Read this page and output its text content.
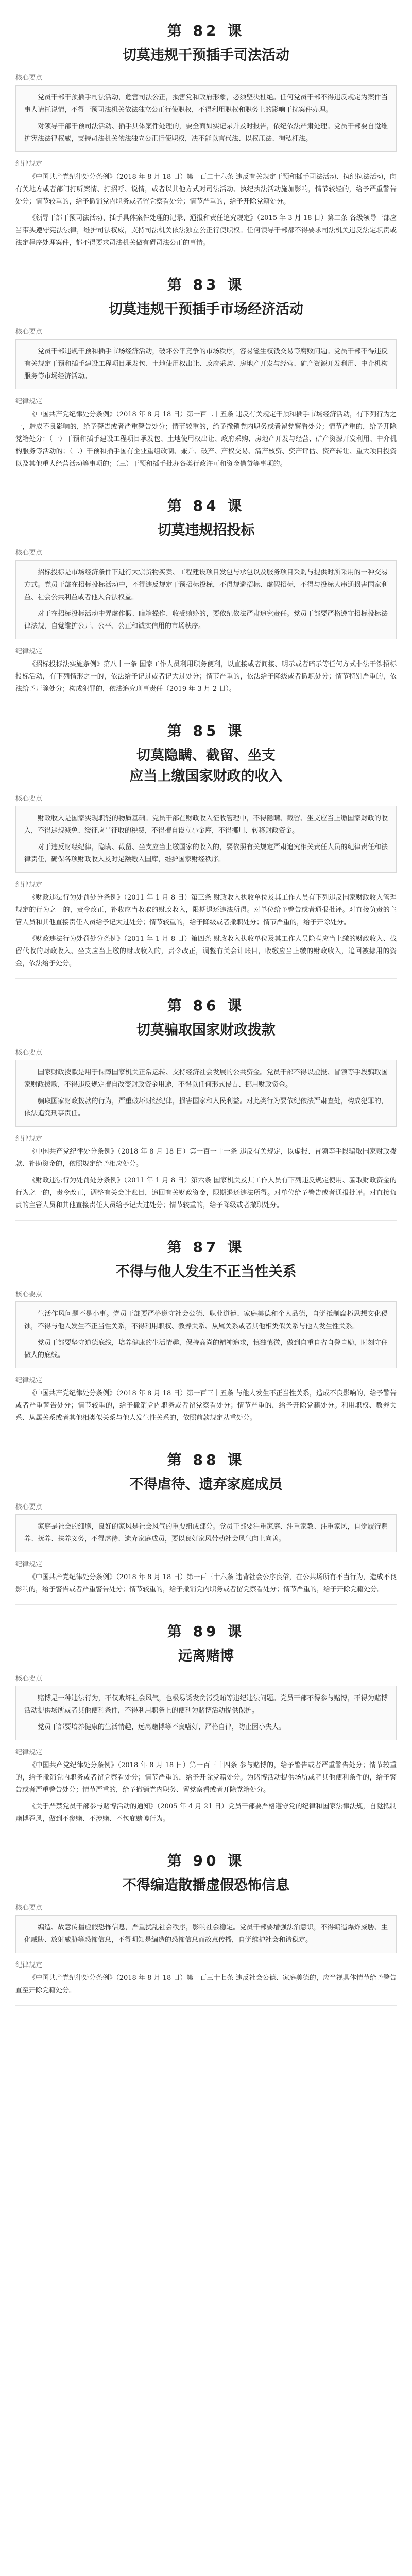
第 82 课
切莫违规干预插手司法活动
核心要点

党员干部干预插手司法活动，危害司法公正，损害党和政府形象，必须坚决杜绝。任何党员干部不得违反规定为案件当事人请托说情，不得干预司法机关依法独立公正行使职权，不得利用职权和职务上的影响干扰案件办理。

对领导干部干预司法活动、插手具体案件处理的，要全面如实记录并及时报告，依纪依法严肃处理。党员干部要自觉维护宪法法律权威，支持司法机关依法独立公正行使职权，决不能以言代法、以权压法、徇私枉法。

纪律规定

《中国共产党纪律处分条例》（2018 年 8 月 18 日）第一百二十六条 违反有关规定干预和插手司法活动、执纪执法活动，向有关地方或者部门打听案情、打招呼、说情，或者以其他方式对司法活动、执纪执法活动施加影响，情节较轻的，给予严重警告处分；情节较重的，给予撤销党内职务或者留党察看处分；情节严重的，给予开除党籍处分。

《领导干部干预司法活动、插手具体案件处理的记录、通报和责任追究规定》（2015 年 3 月 18 日）第二条 各级领导干部应当带头遵守宪法法律，维护司法权威，支持司法机关依法独立公正行使职权。任何领导干部都不得要求司法机关违反法定职责或法定程序处理案件，都不得要求司法机关做有碍司法公正的事情。

第 83 课
切莫违规干预插手市场经济活动
核心要点

党员干部违规干预和插手市场经济活动，破坏公平竞争的市场秩序，容易滋生权钱交易等腐败问题。党员干部不得违反有关规定干预和插手建设工程项目承发包、土地使用权出让、政府采购、房地产开发与经营、矿产资源开发利用、中介机构服务等市场经济活动。

纪律规定

《中国共产党纪律处分条例》（2018 年 8 月 18 日）第一百二十五条 违反有关规定干预和插手市场经济活动，有下列行为之一，造成不良影响的，给予警告或者严重警告处分；情节较重的，给予撤销党内职务或者留党察看处分；情节严重的，给予开除党籍处分：（一）干预和插手建设工程项目承发包、土地使用权出让、政府采购、房地产开发与经营、矿产资源开发利用、中介机构服务等活动的；（二）干预和插手国有企业重组改制、兼并、破产、产权交易、清产核资、资产评估、资产转让、重大项目投资以及其他重大经营活动等事项的；（三）干预和插手批办各类行政许可和资金借贷等事项的。

第 84 课
切莫违规招投标
核心要点

招标投标是市场经济条件下进行大宗货物买卖、工程建设项目发包与承包以及服务项目采购与提供时所采用的一种交易方式。党员干部在招标投标活动中，不得违反规定干预招标投标，不得规避招标、虚假招标，不得与投标人串通损害国家利益、社会公共利益或者他人合法权益。

对于在招标投标活动中弄虚作假、暗箱操作、收受贿赂的，要依纪依法严肃追究责任。党员干部要严格遵守招标投标法律法规，自觉维护公开、公平、公正和诚实信用的市场秩序。

纪律规定

《招标投标法实施条例》第八十一条 国家工作人员利用职务便利，以直接或者间接、明示或者暗示等任何方式非法干涉招标投标活动，有下列情形之一的，依法给予记过或者记大过处分；情节严重的，依法给予降级或者撤职处分；情节特别严重的，依法给予开除处分；构成犯罪的，依法追究刑事责任（2019 年 3 月 2 日）。

第 85 课
切莫隐瞒、截留、坐支
应当上缴国家财政的收入
核心要点

财政收入是国家实现职能的物质基础。党员干部在财政收入征收管理中，不得隐瞒、截留、坐支应当上缴国家财政的收入，不得违规减免、缓征应当征收的税费，不得擅自设立小金库，不得挪用、转移财政资金。

对于违反财经纪律，隐瞒、截留、坐支应当上缴国家的收入的，要依照有关规定严肃追究相关责任人员的纪律责任和法律责任，确保各项财政收入及时足额缴入国库，维护国家财经秩序。

纪律规定

《财政违法行为处罚处分条例》（2011 年 1 月 8 日）第三条 财政收入执收单位及其工作人员有下列违反国家财政收入管理规定的行为之一的，责令改正，补收应当收取的财政收入，限期退还违法所得。对单位给予警告或者通报批评。对直接负责的主管人员和其他直接责任人员给予记大过处分；情节较重的，给予降级或者撤职处分；情节严重的，给予开除处分。

《财政违法行为处罚处分条例》（2011 年 1 月 8 日）第四条 财政收入执收单位及其工作人员隐瞒应当上缴的财政收入、截留代收的财政收入、坐支应当上缴的财政收入的，责令改正，调整有关会计账目，收缴应当上缴的财政收入，追回被挪用的资金，依法给予处分。

第 86 课
切莫骗取国家财政拨款
核心要点

国家财政拨款是用于保障国家机关正常运转、支持经济社会发展的公共资金。党员干部不得以虚报、冒领等手段骗取国家财政拨款，不得违反规定擅自改变财政资金用途，不得以任何形式侵占、挪用财政资金。

骗取国家财政拨款的行为，严重破坏财经纪律，损害国家和人民利益。对此类行为要依纪依法严肃查处，构成犯罪的，依法追究刑事责任。

纪律规定

《中国共产党纪律处分条例》（2018 年 8 月 18 日）第一百一十一条 违反有关规定，以虚报、冒领等手段骗取国家财政拨款、补助资金的，依照规定给予相应处分。

《财政违法行为处罚处分条例》（2011 年 1 月 8 日）第六条 国家机关及其工作人员有下列违反规定使用、骗取财政资金的行为之一的，责令改正，调整有关会计账目，追回有关财政资金，限期退还违法所得。对单位给予警告或者通报批评。对直接负责的主管人员和其他直接责任人员给予记大过处分；情节较重的，给予降级或者撤职处分。

第 87 课
不得与他人发生不正当性关系
核心要点

生活作风问题不是小事。党员干部要严格遵守社会公德、职业道德、家庭美德和个人品德，自觉抵制腐朽思想文化侵蚀，不得与他人发生不正当性关系，不得利用职权、教养关系、从属关系或者其他相类似关系与他人发生性关系。

党员干部要坚守道德底线，培养健康的生活情趣，保持高尚的精神追求，慎独慎微，做到自重自省自警自励，时刻守住做人的底线。

纪律规定

《中国共产党纪律处分条例》（2018 年 8 月 18 日）第一百三十五条 与他人发生不正当性关系，造成不良影响的，给予警告或者严重警告处分；情节较重的，给予撤销党内职务或者留党察看处分；情节严重的，给予开除党籍处分。利用职权、教养关系、从属关系或者其他相类似关系与他人发生性关系的，依照前款规定从重处分。

第 88 课
不得虐待、遗弃家庭成员
核心要点

家庭是社会的细胞，良好的家风是社会风气的重要组成部分。党员干部要注重家庭、注重家教、注重家风，自觉履行赡养、抚养、扶养义务，不得虐待、遗弃家庭成员，要以良好家风带动社会风气向上向善。

纪律规定

《中国共产党纪律处分条例》（2018 年 8 月 18 日）第一百三十六条 违背社会公序良俗，在公共场所有不当行为，造成不良影响的，给予警告或者严重警告处分；情节较重的，给予撤销党内职务或者留党察看处分；情节严重的，给予开除党籍处分。

第 89 课
远离赌博
核心要点

赌博是一种违法行为，不仅败坏社会风气，也极易诱发贪污受贿等违纪违法问题。党员干部不得参与赌博，不得为赌博活动提供场所或者其他便利条件，不得利用职务上的便利为赌博活动提供保护。

党员干部要培养健康的生活情趣，远离赌博等不良嗜好，严格自律，防止因小失大。

纪律规定

《中国共产党纪律处分条例》（2018 年 8 月 18 日）第一百三十四条 参与赌博的，给予警告或者严重警告处分；情节较重的，给予撤销党内职务或者留党察看处分；情节严重的，给予开除党籍处分。为赌博活动提供场所或者其他便利条件的，给予警告或者严重警告处分；情节严重的，给予撤销党内职务、留党察看或者开除党籍处分。

《关于严禁党员干部参与赌博活动的通知》（2005 年 4 月 21 日）党员干部要严格遵守党的纪律和国家法律法规，自觉抵制赌博歪风，做到不参赌、不涉赌、不包庇赌博行为。

第 90 课
不得编造散播虚假恐怖信息
核心要点

编造、故意传播虚假恐怖信息，严重扰乱社会秩序，影响社会稳定。党员干部要增强法治意识，不得编造爆炸威胁、生化威胁、放射威胁等恐怖信息，不得明知是编造的恐怖信息而故意传播，自觉维护社会和谐稳定。

纪律规定

《中国共产党纪律处分条例》（2018 年 8 月 18 日）第一百三十七条 违反社会公德、家庭美德的，应当视具体情节给予警告直至开除党籍处分。
